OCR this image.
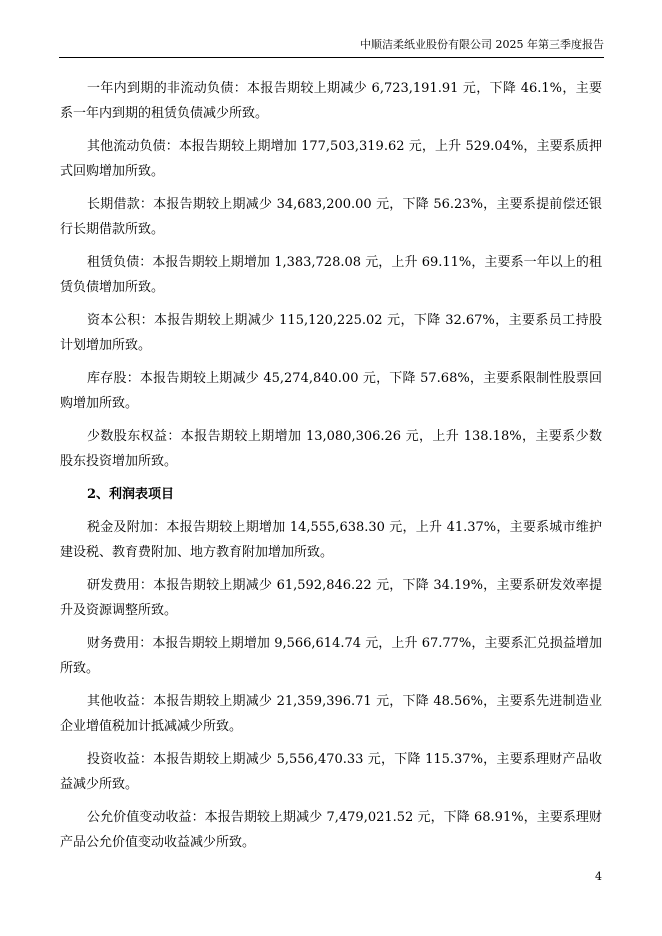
中顺洁柔纸业股份有限公司 2025 年第三季度报告

一年内到期的非流动负债：本报告期较上期减少 6,723,191.91 元，下降 46.1%，主要系一年内到期的租赁负债减少所致。

其他流动负债：本报告期较上期增加 177,503,319.62 元，上升 529.04%，主要系质押式回购增加所致。

长期借款：本报告期较上期减少 34,683,200.00 元，下降 56.23%，主要系提前偿还银行长期借款所致。

租赁负债：本报告期较上期增加 1,383,728.08 元，上升 69.11%，主要系一年以上的租赁负债增加所致。

资本公积：本报告期较上期减少 115,120,225.02 元，下降 32.67%，主要系员工持股计划增加所致。

库存股：本报告期较上期减少 45,274,840.00 元，下降 57.68%，主要系限制性股票回购增加所致。

少数股东权益：本报告期较上期增加 13,080,306.26 元，上升 138.18%，主要系少数股东投资增加所致。

2、利润表项目

税金及附加：本报告期较上期增加 14,555,638.30 元，上升 41.37%，主要系城市维护建设税、教育费附加、地方教育附加增加所致。

研发费用：本报告期较上期减少 61,592,846.22 元，下降 34.19%，主要系研发效率提升及资源调整所致。

财务费用：本报告期较上期增加 9,566,614.74 元，上升 67.77%，主要系汇兑损益增加所致。

其他收益：本报告期较上期减少 21,359,396.71 元，下降 48.56%，主要系先进制造业企业增值税加计抵减减少所致。

投资收益：本报告期较上期减少 5,556,470.33 元，下降 115.37%，主要系理财产品收益减少所致。

公允价值变动收益：本报告期较上期减少 7,479,021.52 元，下降 68.91%，主要系理财产品公允价值变动收益减少所致。

4
